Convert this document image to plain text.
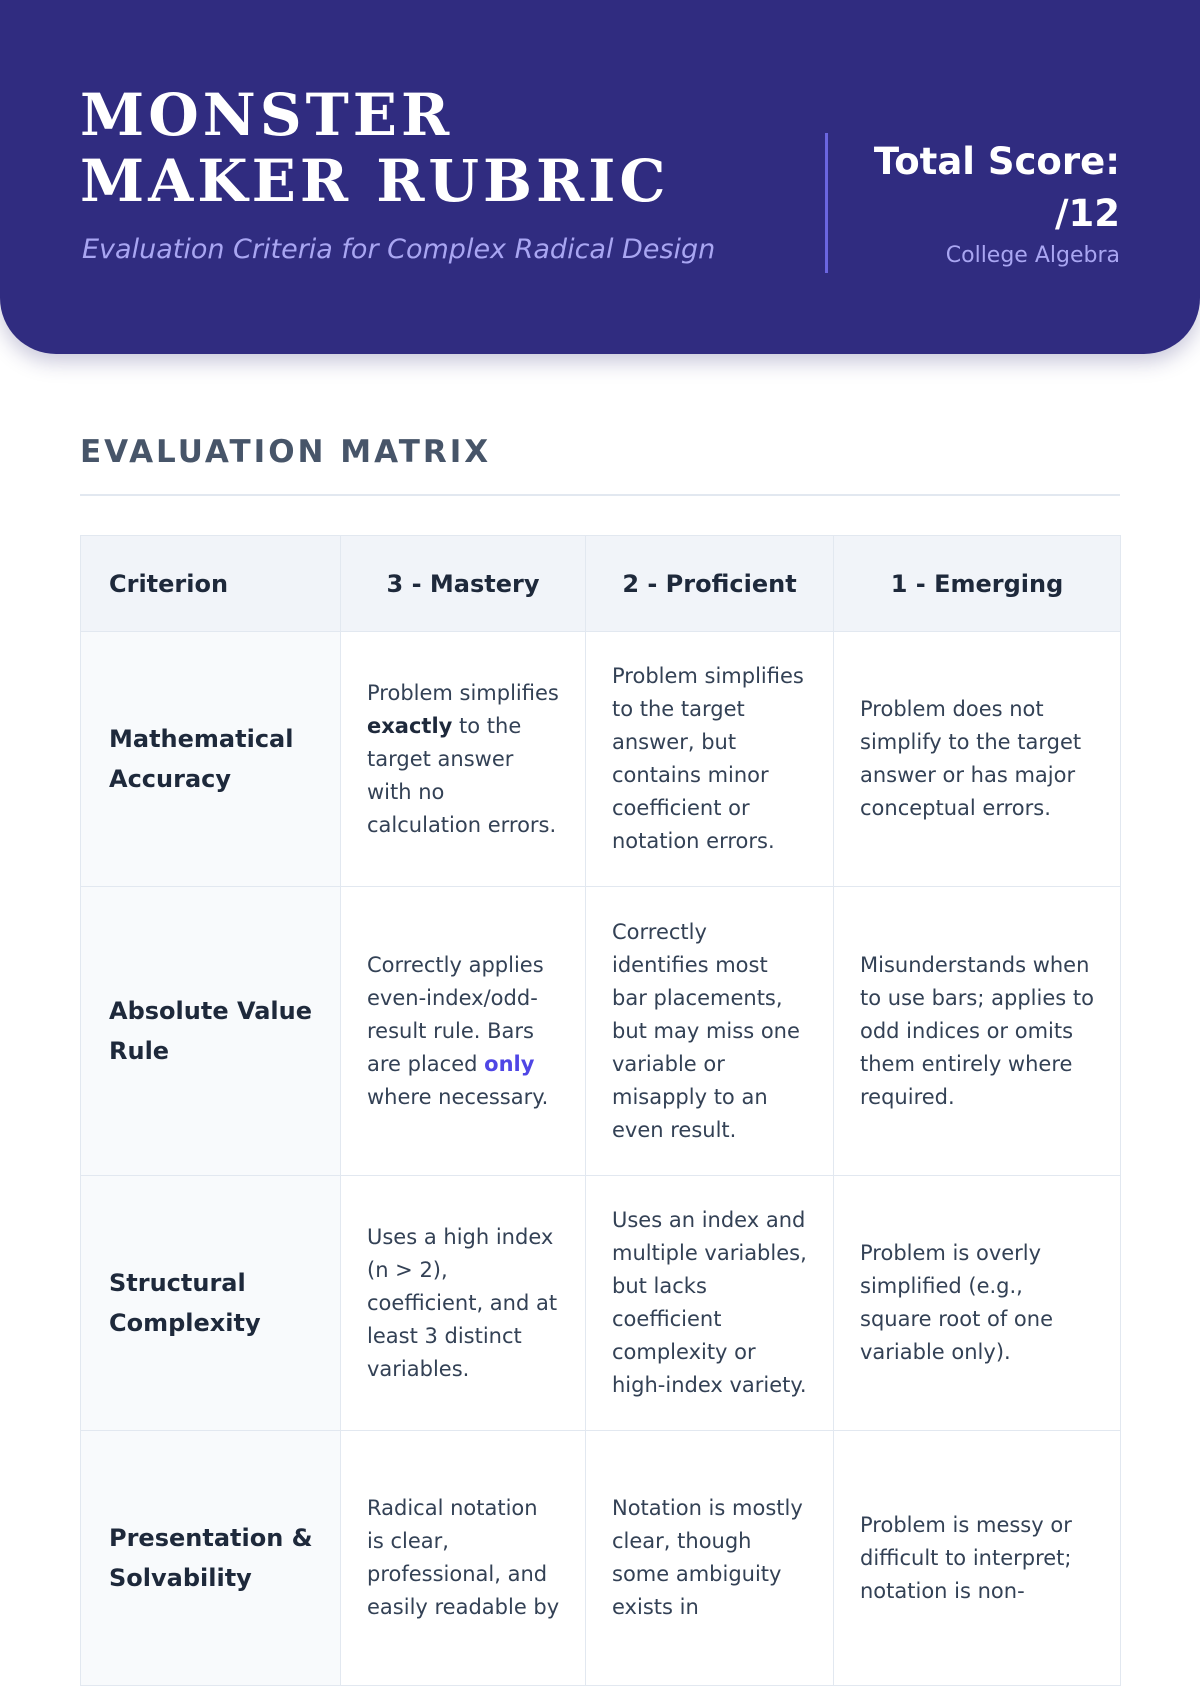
MONSTER MAKER RUBRIC
Evaluation Criteria for Complex Radical Design
Total Score: /12
College Algebra
EVALUATION MATRIX
Criterion	3 - Mastery	2 - Proficient	1 - Emerging
Mathematical Accuracy	Problem simplifies exactly to the target answer with no calculation errors.	Problem simplifies to the target answer, but contains minor coefficient or notation errors.	Problem does not simplify to the target answer or has major conceptual errors.
Absolute Value Rule	Correctly applies even-index/odd-result rule. Bars are placed only where necessary.	Correctly identifies most bar placements, but may miss one variable or misapply to an even result.	Misunderstands when to use bars; applies to odd indices or omits them entirely where required.
Structural Complexity	Uses a high index (n > 2), coefficient, and at least 3 distinct variables.	Uses an index and multiple variables, but lacks coefficient complexity or high-index variety.	Problem is overly simplified (e.g., square root of one variable only).
Presentation & Solvability	Radical notation is clear, professional, and easily readable by	Notation is mostly clear, though some ambiguity exists in	Problem is messy or difficult to interpret; notation is non-
